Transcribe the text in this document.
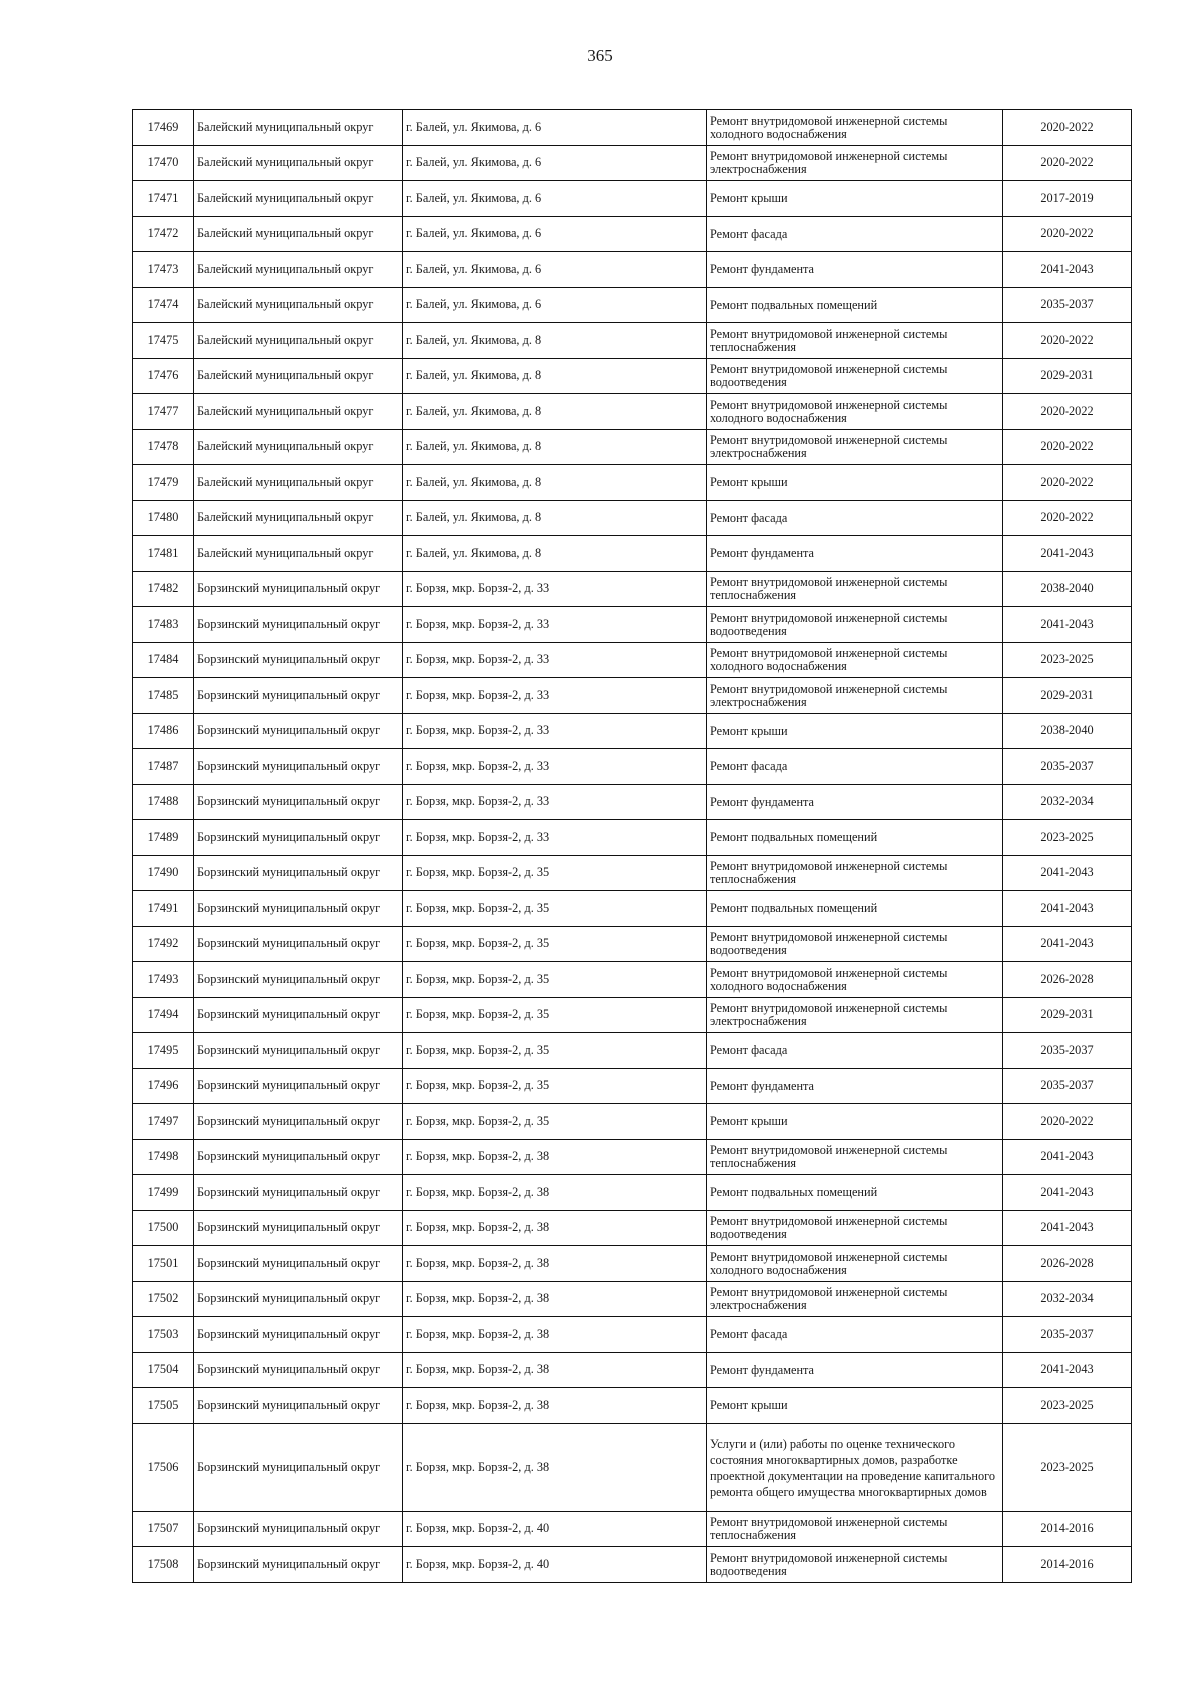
365
17469	Балейский муниципальный округ	г. Балей, ул. Якимова, д. 6	Ремонт внутридомовой инженерной системы холодного водоснабжения	2020-2022
17470	Балейский муниципальный округ	г. Балей, ул. Якимова, д. 6	Ремонт внутридомовой инженерной системы электроснабжения	2020-2022
17471	Балейский муниципальный округ	г. Балей, ул. Якимова, д. 6	Ремонт крыши	2017-2019
17472	Балейский муниципальный округ	г. Балей, ул. Якимова, д. 6	Ремонт фасада	2020-2022
17473	Балейский муниципальный округ	г. Балей, ул. Якимова, д. 6	Ремонт фундамента	2041-2043
17474	Балейский муниципальный округ	г. Балей, ул. Якимова, д. 6	Ремонт подвальных помещений	2035-2037
17475	Балейский муниципальный округ	г. Балей, ул. Якимова, д. 8	Ремонт внутридомовой инженерной системы теплоснабжения	2020-2022
17476	Балейский муниципальный округ	г. Балей, ул. Якимова, д. 8	Ремонт внутридомовой инженерной системы водоотведения	2029-2031
17477	Балейский муниципальный округ	г. Балей, ул. Якимова, д. 8	Ремонт внутридомовой инженерной системы холодного водоснабжения	2020-2022
17478	Балейский муниципальный округ	г. Балей, ул. Якимова, д. 8	Ремонт внутридомовой инженерной системы электроснабжения	2020-2022
17479	Балейский муниципальный округ	г. Балей, ул. Якимова, д. 8	Ремонт крыши	2020-2022
17480	Балейский муниципальный округ	г. Балей, ул. Якимова, д. 8	Ремонт фасада	2020-2022
17481	Балейский муниципальный округ	г. Балей, ул. Якимова, д. 8	Ремонт фундамента	2041-2043
17482	Борзинский муниципальный округ	г. Борзя, мкр. Борзя-2, д. 33	Ремонт внутридомовой инженерной системы теплоснабжения	2038-2040
17483	Борзинский муниципальный округ	г. Борзя, мкр. Борзя-2, д. 33	Ремонт внутридомовой инженерной системы водоотведения	2041-2043
17484	Борзинский муниципальный округ	г. Борзя, мкр. Борзя-2, д. 33	Ремонт внутридомовой инженерной системы холодного водоснабжения	2023-2025
17485	Борзинский муниципальный округ	г. Борзя, мкр. Борзя-2, д. 33	Ремонт внутридомовой инженерной системы электроснабжения	2029-2031
17486	Борзинский муниципальный округ	г. Борзя, мкр. Борзя-2, д. 33	Ремонт крыши	2038-2040
17487	Борзинский муниципальный округ	г. Борзя, мкр. Борзя-2, д. 33	Ремонт фасада	2035-2037
17488	Борзинский муниципальный округ	г. Борзя, мкр. Борзя-2, д. 33	Ремонт фундамента	2032-2034
17489	Борзинский муниципальный округ	г. Борзя, мкр. Борзя-2, д. 33	Ремонт подвальных помещений	2023-2025
17490	Борзинский муниципальный округ	г. Борзя, мкр. Борзя-2, д. 35	Ремонт внутридомовой инженерной системы теплоснабжения	2041-2043
17491	Борзинский муниципальный округ	г. Борзя, мкр. Борзя-2, д. 35	Ремонт подвальных помещений	2041-2043
17492	Борзинский муниципальный округ	г. Борзя, мкр. Борзя-2, д. 35	Ремонт внутридомовой инженерной системы водоотведения	2041-2043
17493	Борзинский муниципальный округ	г. Борзя, мкр. Борзя-2, д. 35	Ремонт внутридомовой инженерной системы холодного водоснабжения	2026-2028
17494	Борзинский муниципальный округ	г. Борзя, мкр. Борзя-2, д. 35	Ремонт внутридомовой инженерной системы электроснабжения	2029-2031
17495	Борзинский муниципальный округ	г. Борзя, мкр. Борзя-2, д. 35	Ремонт фасада	2035-2037
17496	Борзинский муниципальный округ	г. Борзя, мкр. Борзя-2, д. 35	Ремонт фундамента	2035-2037
17497	Борзинский муниципальный округ	г. Борзя, мкр. Борзя-2, д. 35	Ремонт крыши	2020-2022
17498	Борзинский муниципальный округ	г. Борзя, мкр. Борзя-2, д. 38	Ремонт внутридомовой инженерной системы теплоснабжения	2041-2043
17499	Борзинский муниципальный округ	г. Борзя, мкр. Борзя-2, д. 38	Ремонт подвальных помещений	2041-2043
17500	Борзинский муниципальный округ	г. Борзя, мкр. Борзя-2, д. 38	Ремонт внутридомовой инженерной системы водоотведения	2041-2043
17501	Борзинский муниципальный округ	г. Борзя, мкр. Борзя-2, д. 38	Ремонт внутридомовой инженерной системы холодного водоснабжения	2026-2028
17502	Борзинский муниципальный округ	г. Борзя, мкр. Борзя-2, д. 38	Ремонт внутридомовой инженерной системы электроснабжения	2032-2034
17503	Борзинский муниципальный округ	г. Борзя, мкр. Борзя-2, д. 38	Ремонт фасада	2035-2037
17504	Борзинский муниципальный округ	г. Борзя, мкр. Борзя-2, д. 38	Ремонт фундамента	2041-2043
17505	Борзинский муниципальный округ	г. Борзя, мкр. Борзя-2, д. 38	Ремонт крыши	2023-2025
17506	Борзинский муниципальный округ	г. Борзя, мкр. Борзя-2, д. 38	Услуги и (или) работы по оценке технического состояния многоквартирных домов, разработке проектной документации на проведение капитального ремонта общего имущества многоквартирных домов	2023-2025
17507	Борзинский муниципальный округ	г. Борзя, мкр. Борзя-2, д. 40	Ремонт внутридомовой инженерной системы теплоснабжения	2014-2016
17508	Борзинский муниципальный округ	г. Борзя, мкр. Борзя-2, д. 40	Ремонт внутридомовой инженерной системы водоотведения	2014-2016
